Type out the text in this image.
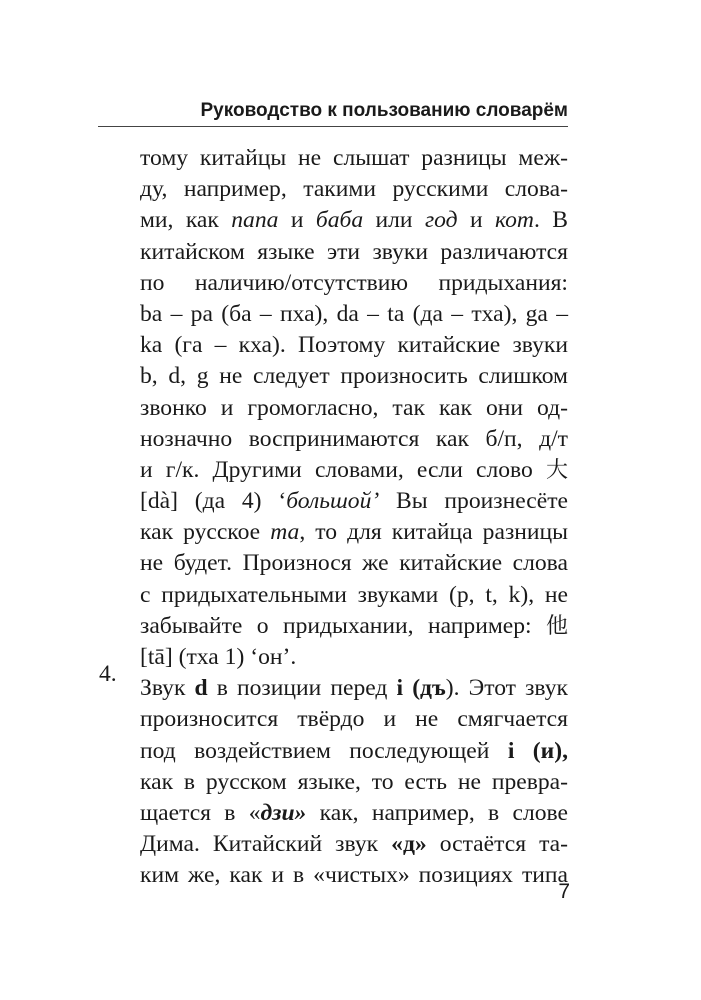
Руководство к пользованию словарём
4.
тому китайцы не слышат разницы меж-
ду, например, такими русскими слова-
ми, как папа и баба или год и кот. В
китайском языке эти звуки различаются
по наличию/отсутствию придыхания:
ba – pa (ба – пха), da – ta (да – тха), ga –
ka (га – кха). Поэтому китайские звуки
b, d, g не следует произносить слишком
звонко и громогласно, так как они од-
нозначно воспринимаются как б/п, д/т
и г/к. Другими словами, если слово 大
[dà] (да 4) ‘большой’ Вы произнесёте
как русское та, то для китайца разницы
не будет. Произнося же китайские слова
с придыхательными звуками (p, t, k), не
забывайте о придыхании, например: 他
[tā] (тха 1) ‘он’.
Звук d в позиции перед i (дъ). Этот звук
произносится твёрдо и не смягчается
под воздействием последующей i (и),
как в русском языке, то есть не превра-
щается в «дзи» как, например, в слове
Дима. Китайский звук «д» остаётся та-
ким же, как и в «чистых» позициях типа
7
